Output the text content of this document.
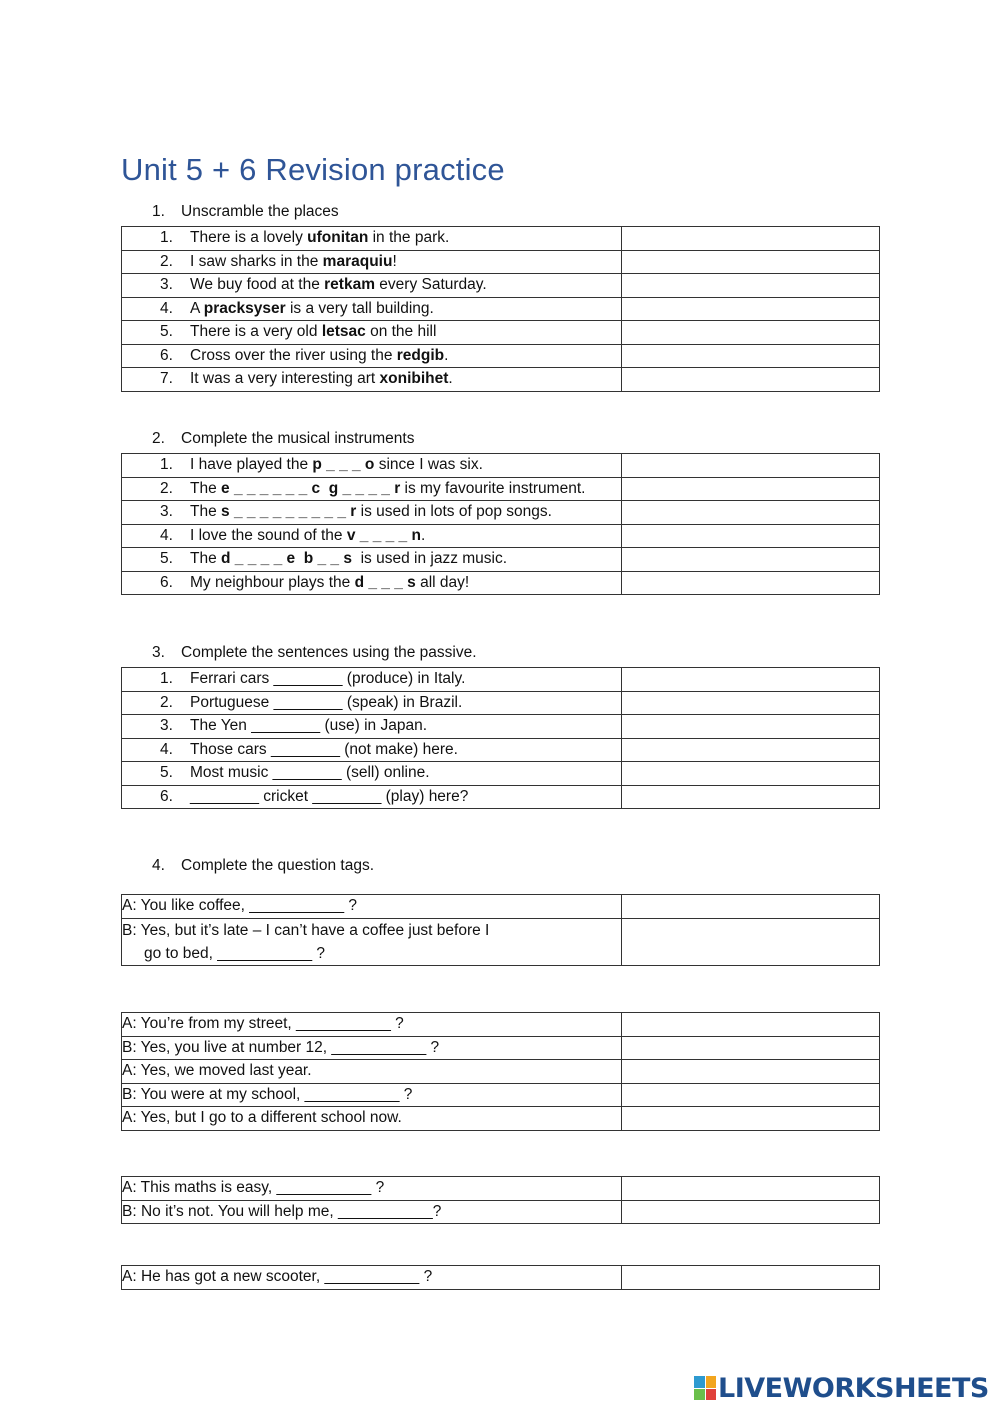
Unit 5 + 6 Revision practice
1. Unscramble the places
1. There is a lovely ufonitan in the park.	
2. I saw sharks in the maraquiu!	
3. We buy food at the retkam every Saturday.	
4. A pracksyser is a very tall building.	
5. There is a very old letsac on the hill	
6. Cross over the river using the redgib.	
7. It was a very interesting art xonibihet.	
2. Complete the musical instruments
1. I have played the p _ _ _ o since I was six.	
2. The e _ _ _ _ _ _ c  g _ _ _ _ r is my favourite instrument.	
3. The s _ _ _ _ _ _ _ _ _ r is used in lots of pop songs.	
4. I love the sound of the v _ _ _ _ n.	
5. The d _ _ _ _ e  b _ _ s  is used in jazz music.	
6. My neighbour plays the d _ _ _ s all day!	
3. Complete the sentences using the passive.
1. Ferrari cars ________ (produce) in Italy.	
2. Portuguese ________ (speak) in Brazil.	
3. The Yen ________ (use) in Japan.	
4. Those cars ________ (not make) here.	
5. Most music ________ (sell) online.	
6. ________ cricket ________ (play) here?	
4. Complete the question tags.
A: You like coffee, ___________ ?	
B: Yes, but it’s late – I can’t have a coffee just before I
go to bed, ___________ ?

A: You’re from my street, ___________ ?	
B: Yes, you live at number 12, ___________ ?	
A: Yes, we moved last year.	
B: You were at my school, ___________ ?	
A: Yes, but I go to a different school now.	
A: This maths is easy, ___________ ?	
B: No it’s not. You will help me, ___________?	
A: He has got a new scooter, ___________ ?	
LIVEWORKSHEETS
